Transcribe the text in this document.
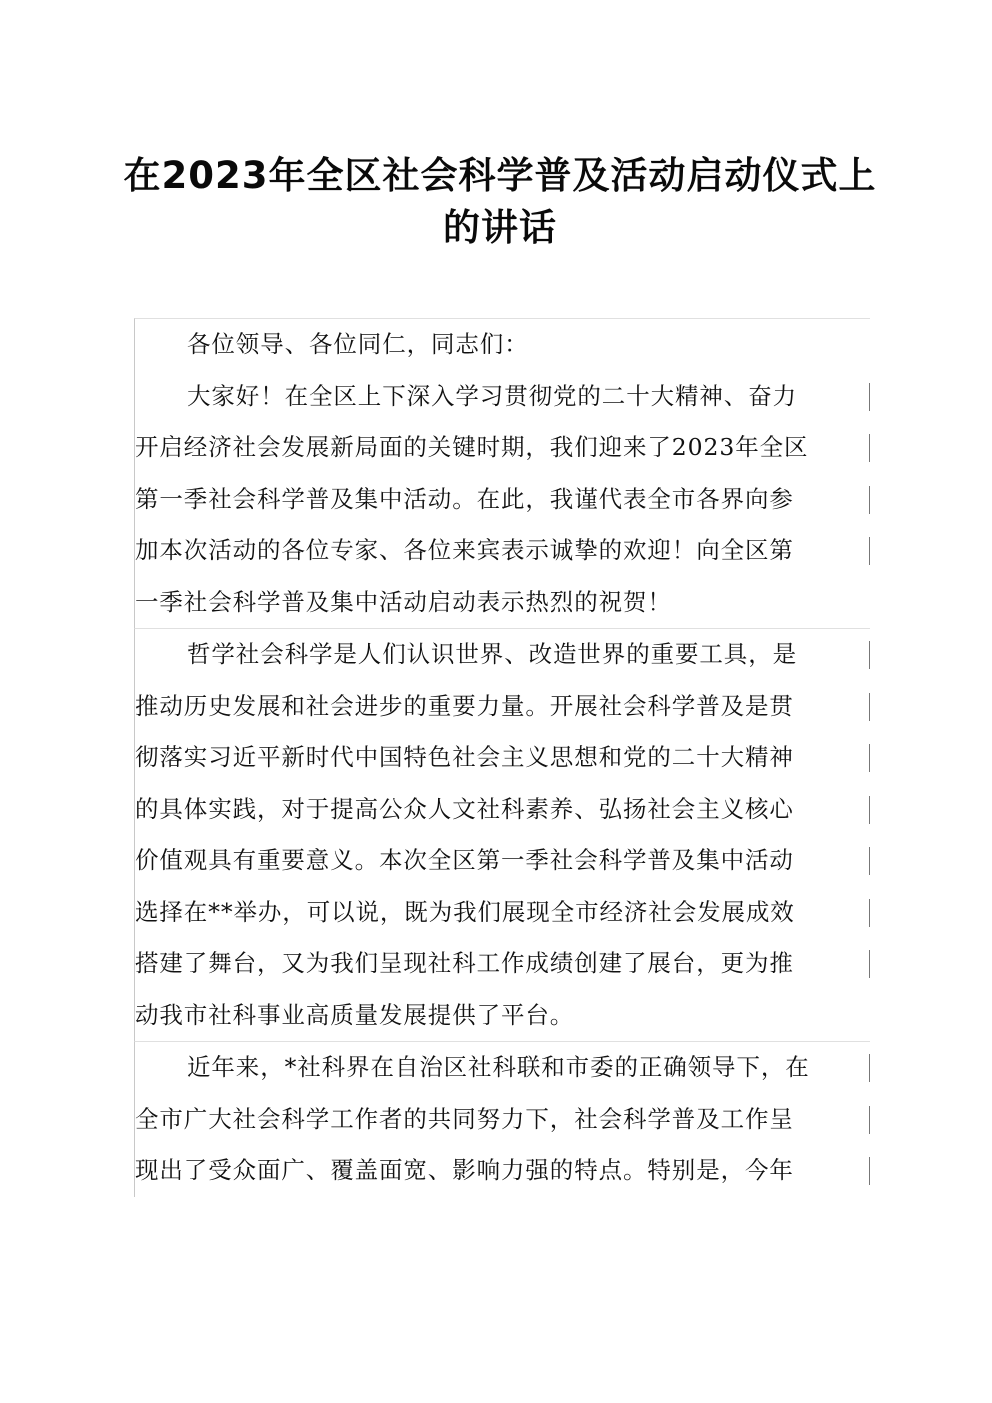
在2023年全区社会科学普及活动启动仪式上
的讲话
各位领导、各位同仁，同志们：
大家好！在全区上下深入学习贯彻党的二十大精神、奋力
开启经济社会发展新局面的关键时期，我们迎来了2023年全区
第一季社会科学普及集中活动。在此，我谨代表全市各界向参
加本次活动的各位专家、各位来宾表示诚挚的欢迎！向全区第
一季社会科学普及集中活动启动表示热烈的祝贺！
哲学社会科学是人们认识世界、改造世界的重要工具，是
推动历史发展和社会进步的重要力量。开展社会科学普及是贯
彻落实习近平新时代中国特色社会主义思想和党的二十大精神
的具体实践，对于提高公众人文社科素养、弘扬社会主义核心
价值观具有重要意义。本次全区第一季社会科学普及集中活动
选择在**举办，可以说，既为我们展现全市经济社会发展成效
搭建了舞台，又为我们呈现社科工作成绩创建了展台，更为推
动我市社科事业高质量发展提供了平台。
近年来，*社科界在自治区社科联和市委的正确领导下，在
全市广大社会科学工作者的共同努力下，社会科学普及工作呈
现出了受众面广、覆盖面宽、影响力强的特点。特别是，今年
